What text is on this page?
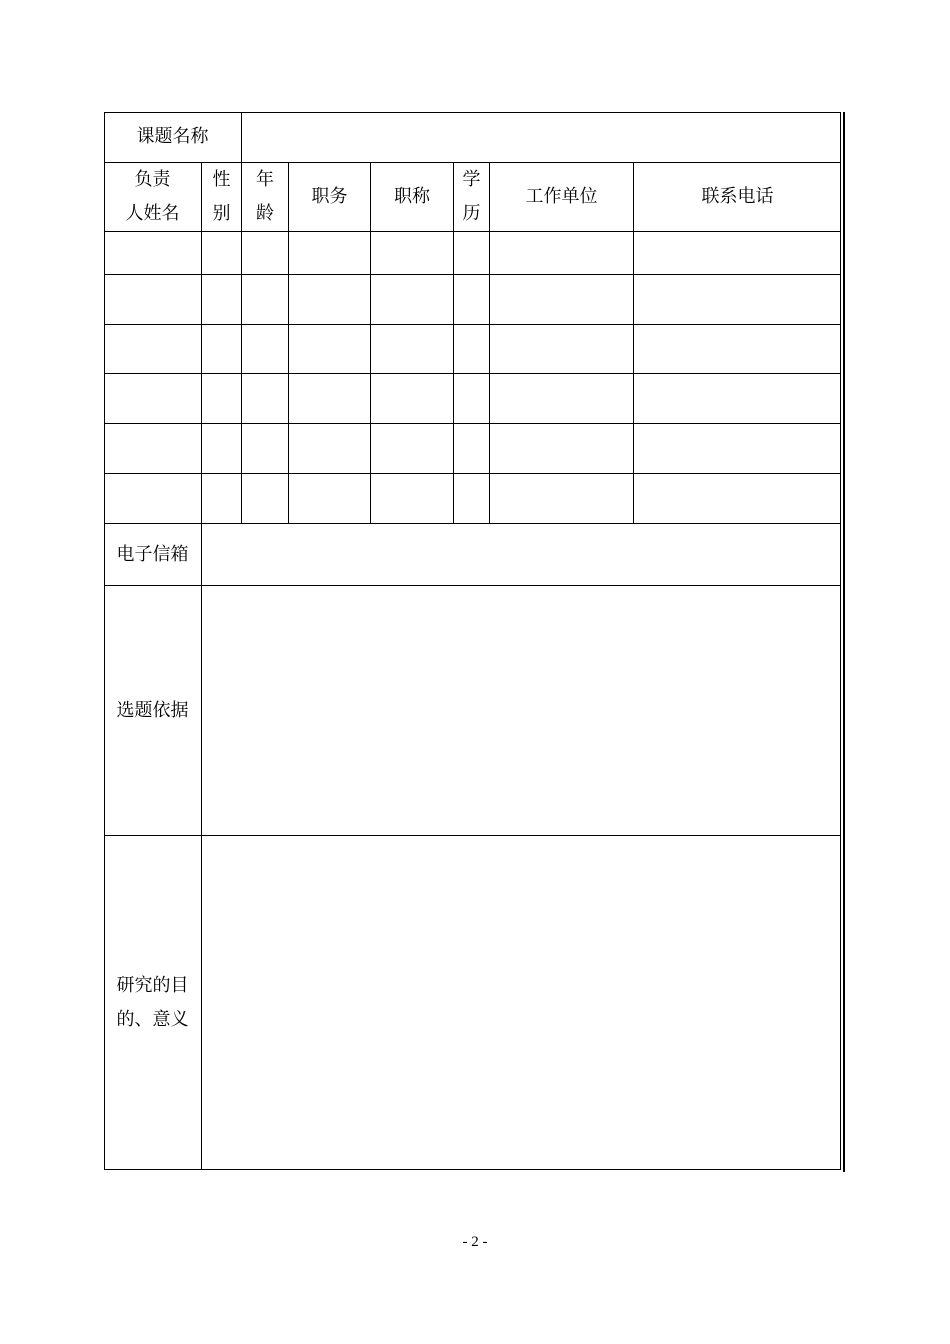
课题名称
负责
人姓名
性
别
年
龄
职务	职称
学
历
工作单位	联系电话
电子信箱
选题依据
研究的目
的、意义
- 2 -
